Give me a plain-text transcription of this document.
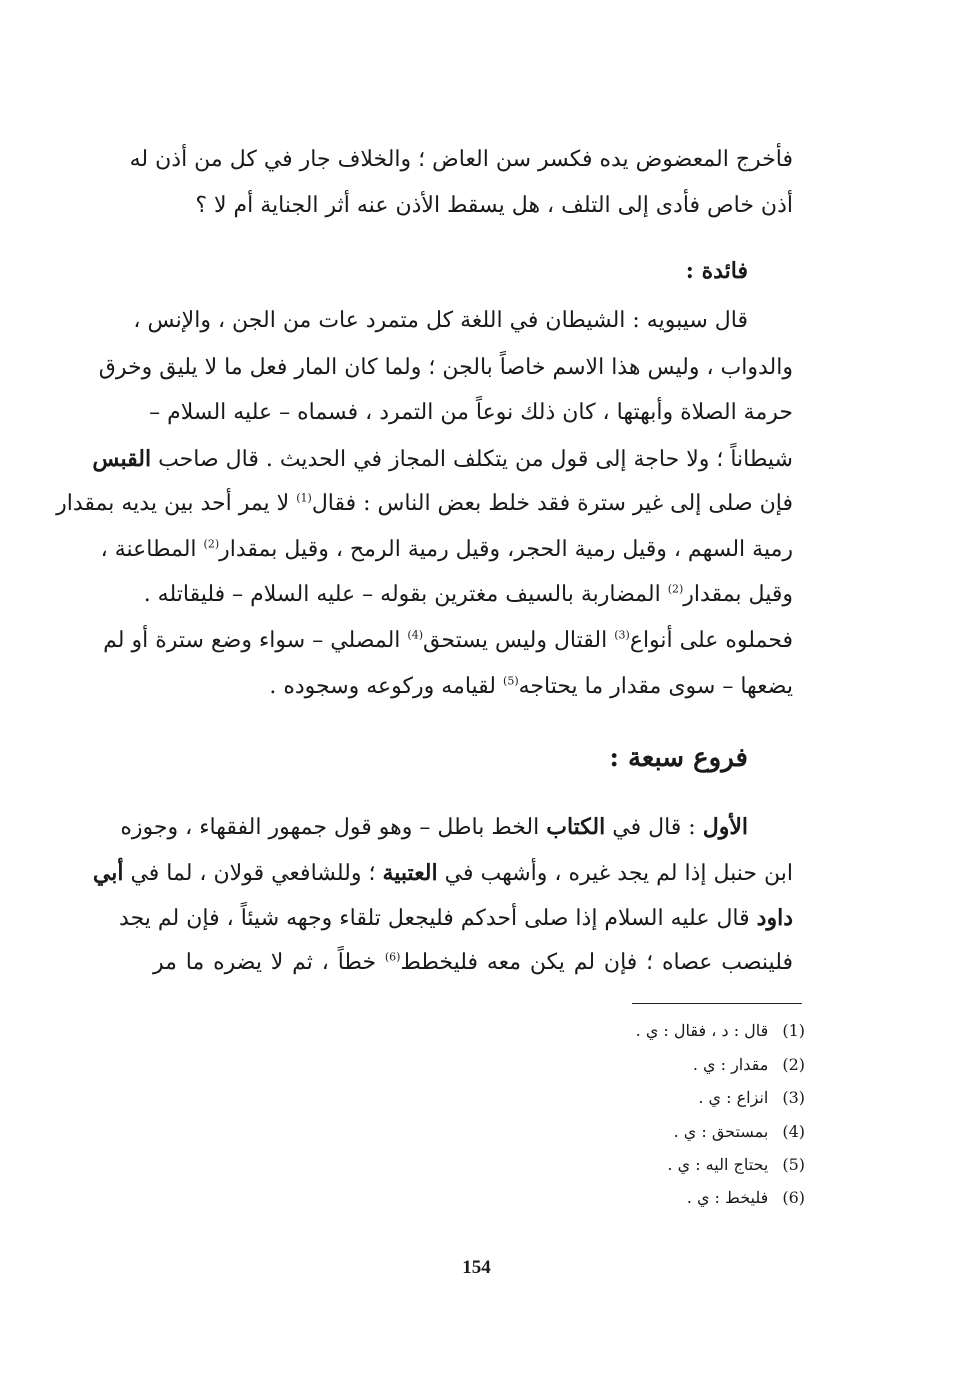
فأخرج المعضوض يده فكسر سن العاض ؛ والخلاف جار في كل من أذن له
أذن خاص فأدى إلى التلف ، هل يسقط الأذن عنه أثر الجناية أم لا ؟
فائدة :
قال سيبويه : الشيطان في اللغة كل متمرد عات من الجن ، والإنس ،
والدواب ، وليس هذا الاسم خاصاً بالجن ؛ ولما كان المار فعل ما لا يليق وخرق
حرمة الصلاة وأبهتها ، كان ذلك نوعاً من التمرد ، فسماه – عليه السلام –
شيطاناً ؛ ولا حاجة إلى قول من يتكلف المجاز في الحديث . قال صاحب القبس
فإن صلى إلى غير سترة فقد خلط بعض الناس : فقال$^{(1)}$ لا يمر أحد بين يديه بمقدار
رمية السهم ، وقيل رمية الحجر، وقيل رمية الرمح ، وقيل بمقدار$^{(2)}$ المطاعنة ،
وقيل بمقدار$^{(2)}$ المضاربة بالسيف مغترين بقوله – عليه السلام – فليقاتله .
فحملوه على أنواع$^{(3)}$ القتال وليس يستحق$^{(4)}$ المصلي – سواء وضع سترة أو لم
يضعها – سوى مقدار ما يحتاجه$^{(5)}$ لقيامه وركوعه وسجوده .
فروع سبعة :
الأول : قال في الكتاب الخط باطل – وهو قول جمهور الفقهاء ، وجوزه
ابن حنبل إذا لم يجد غيره ، وأشهب في العتبية ؛ وللشافعي قولان ، لما في أبي
داود قال عليه السلام إذا صلى أحدكم فليجعل تلقاء وجهه شيئاً ، فإن لم يجد
فلينصب عصاه ؛ فإن لم يكن معه فليخطط$^{(6)}$ خطاً ، ثم لا يضره ما مر
(1)قال : د ، فقال : ي .
(2)مقدار : ي .
(3)انزاع : ي .
(4)بمستحق : ي .
(5)يحتاج اليه : ي .
(6)فليخط : ي .
154
